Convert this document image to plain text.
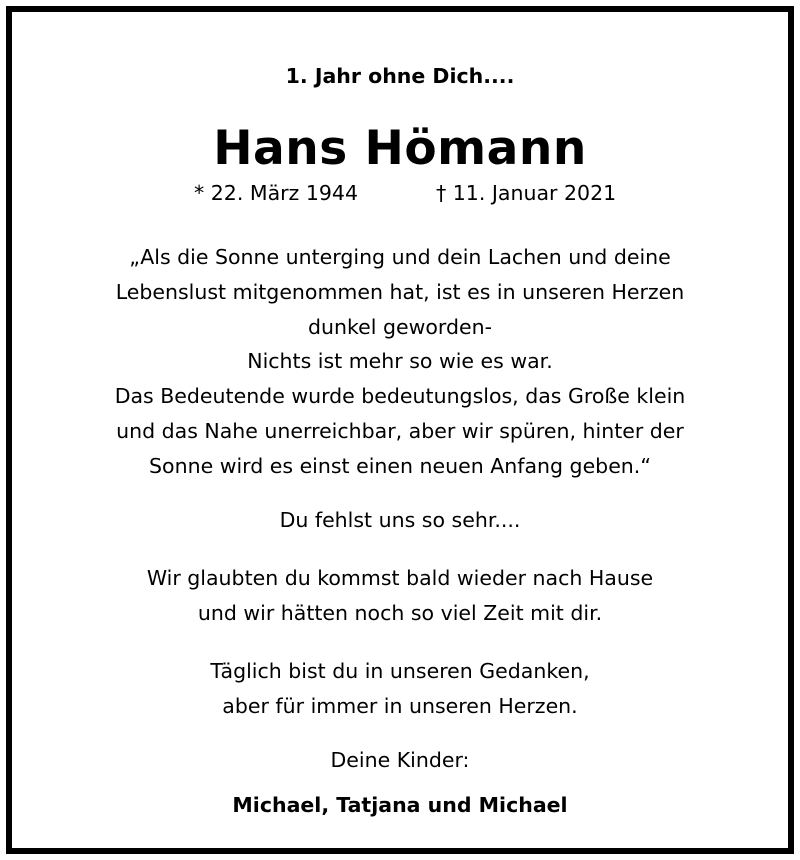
1. Jahr ohne Dich....
Hans Hömann
* 22. März 1944	† 11. Januar 2021
„Als die Sonne unterging und dein Lachen und deine
Lebenslust mitgenommen hat, ist es in unseren Herzen
dunkel geworden-
Nichts ist mehr so wie es war.
Das Bedeutende wurde bedeutungslos, das Große klein
und das Nahe unerreichbar, aber wir spüren, hinter der
Sonne wird es einst einen neuen Anfang geben.“
Du fehlst uns so sehr....
Wir glaubten du kommst bald wieder nach Hause
und wir hätten noch so viel Zeit mit dir.
Täglich bist du in unseren Gedanken,
aber für immer in unseren Herzen.
Deine Kinder:
Michael, Tatjana und Michael
